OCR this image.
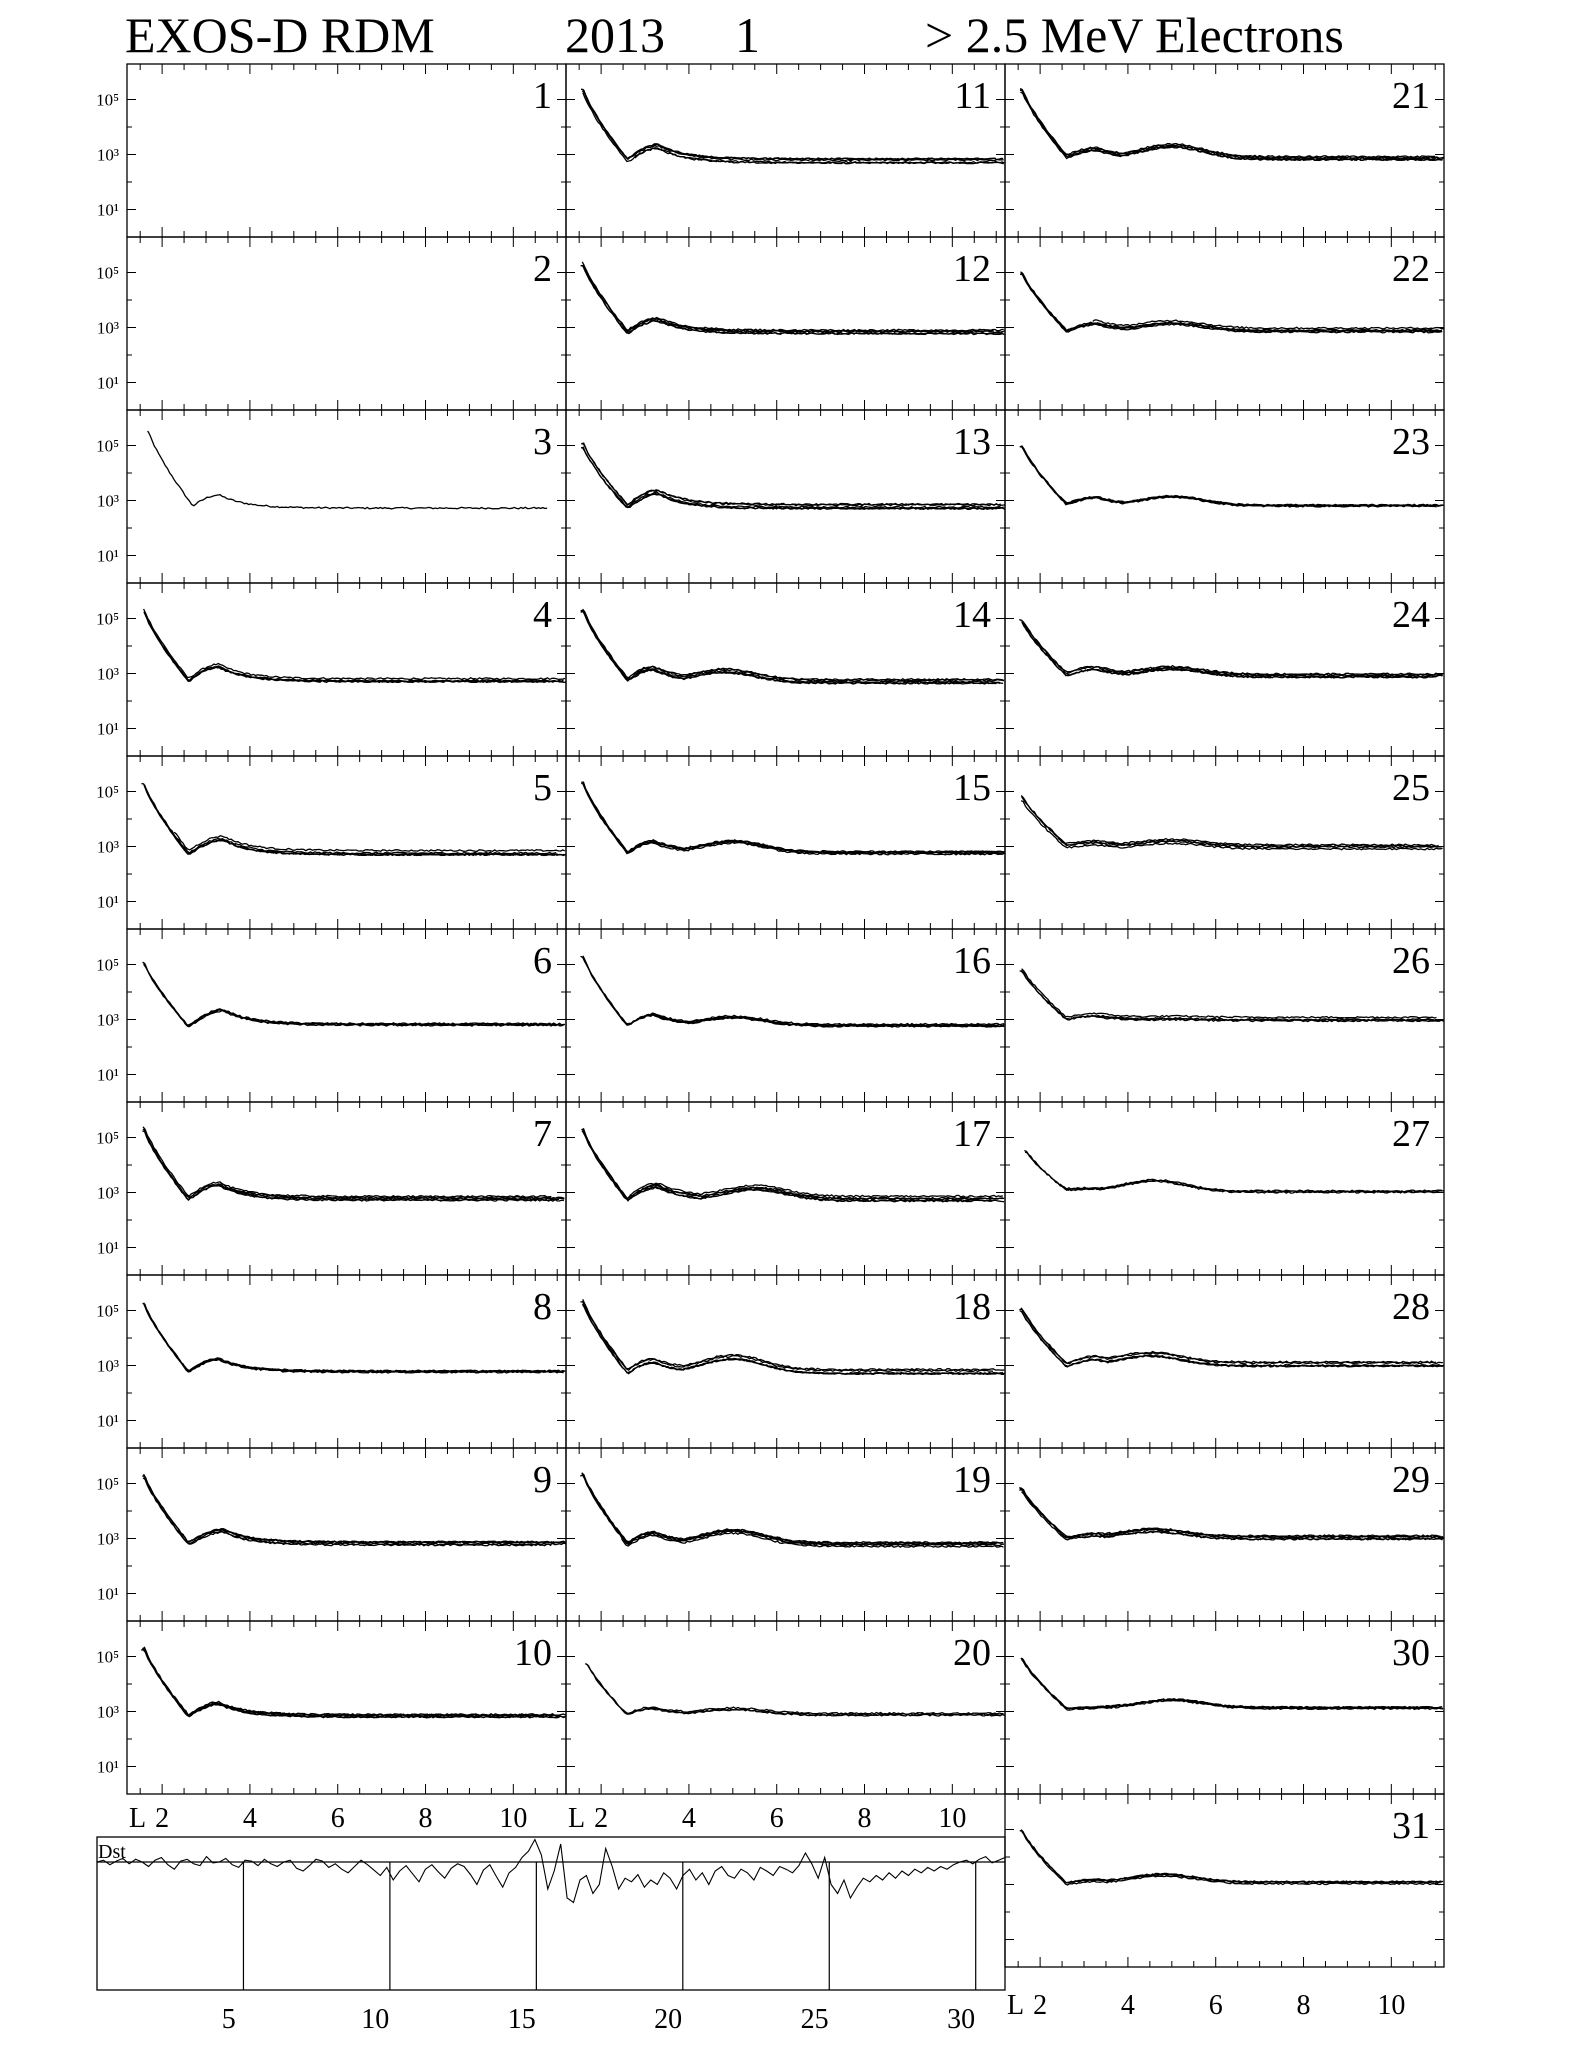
EXOS-D RDM	2013 1	> 2.5 MeV Electrons
10⁵
10³
10¹
1
10⁵
10³
10¹
2
10⁵
10³
10¹
3
10⁵
10³
10¹
4
10⁵
10³
10¹
5
10⁵
10³
10¹
6
10⁵
10³
10¹
7
10⁵
10³
10¹
8
10⁵
10³
10¹
9
10⁵
10³
10¹
10
11
12
13
14
15
16
17
18
19
20
21
22
23
24
25
26
27
28
29
30
31
L 2	4	6	8 10 L 2	4	6	8 10
L 2	4	6	8 10
Dst
5	10	15	20	25	30
